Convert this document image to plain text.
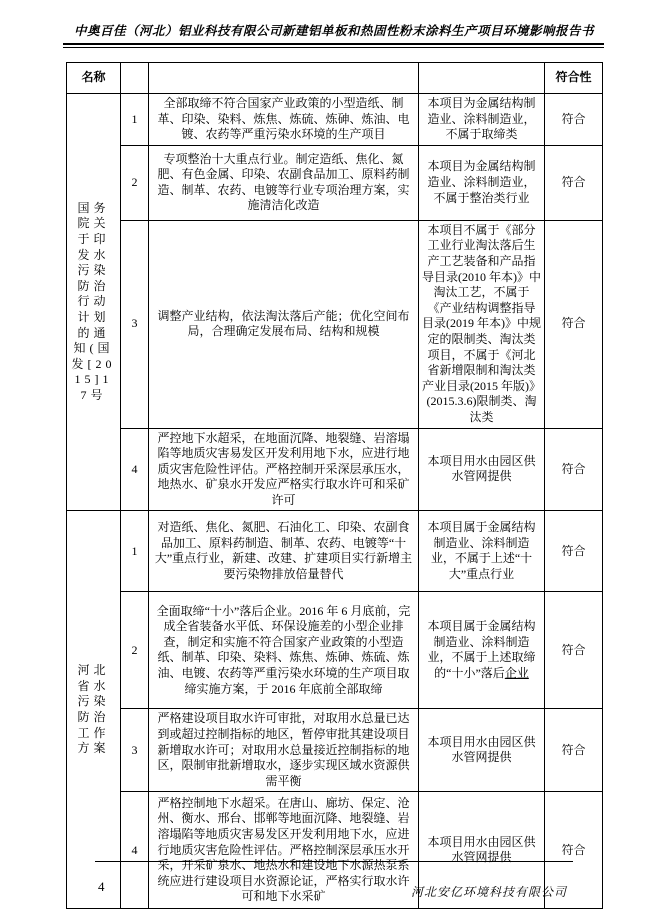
中奥百佳（河北）铝业科技有限公司新建铝单板和热固性粉末涂料生产项目环境影响报告书
名称				符合性
国务院关于印发水污染防治行动计划的通知(国发[2015]17号	1	全部取缔不符合国家产业政策的小型造纸、制革、印染、染料、炼焦、炼硫、炼砷、炼油、电镀、农药等严重污染水环境的生产项目	本项目为金属结构制造业、涂料制造业，不属于取缔类	符合
	2	专项整治十大重点行业。制定造纸、焦化、氮肥、有色金属、印染、农副食品加工、原料药制造、制革、农药、电镀等行业专项治理方案，实施清洁化改造	本项目为金属结构制造业、涂料制造业，不属于整治类行业	符合
	3	调整产业结构，依法淘汰落后产能；优化空间布局，合理确定发展布局、结构和规模	本项目不属于《部分工业行业淘汰落后生产工艺装备和产品指导目录(2010 年本)》中淘汰工艺，不属于《产业结构调整指导目录(2019 年本)》中规定的限制类、淘汰类项目，不属于《河北省新增限制和淘汰类产业目录(2015 年版)》(2015.3.6)限制类、淘汰类	符合
	4	严控地下水超采，在地面沉降、地裂缝、岩溶塌陷等地质灾害易发区开发利用地下水，应进行地质灾害危险性评估。严格控制开采深层承压水，地热水、矿泉水开发应严格实行取水许可和采矿许可	本项目用水由园区供水管网提供	符合
河北省水污染防治工作方案	1	对造纸、焦化、氮肥、石油化工、印染、农副食品加工、原料药制造、制革、农药、电镀等“十大”重点行业，新建、改建、扩建项目实行新增主要污染物排放倍量替代	本项目属于金属结构制造业、涂料制造业，不属于上述“十大”重点行业	符合
	2	全面取缔“十小”落后企业。2016 年 6 月底前，完成全省装备水平低、环保设施差的小型企业排查，制定和实施不符合国家产业政策的小型造纸、制革、印染、染料、炼焦、炼砷、炼硫、炼油、电镀、农药等严重污染水环境的生产项目取缔实施方案，于 2016 年底前全部取缔	本项目属于金属结构制造业、涂料制造业，不属于上述取缔的“十小”落后企业	符合
	3	严格建设项目取水许可审批，对取用水总量已达到或超过控制指标的地区，暂停审批其建设项目新增取水许可；对取用水总量接近控制指标的地区，限制审批新增取水，逐步实现区域水资源供需平衡	本项目用水由园区供水管网提供	符合
	4	严格控制地下水超采。在唐山、廊坊、保定、沧州、衡水、邢台、邯郸等地面沉降、地裂缝、岩溶塌陷等地质灾害易发区开发利用地下水，应进行地质灾害危险性评估。严格控制深层承压水开采，开采矿泉水、地热水和建设地下水源热泵系统应进行建设项目水资源论证，严格实行取水许可和地下水采矿	本项目用水由园区供水管网提供	符合
4	河北安亿环境科技有限公司
